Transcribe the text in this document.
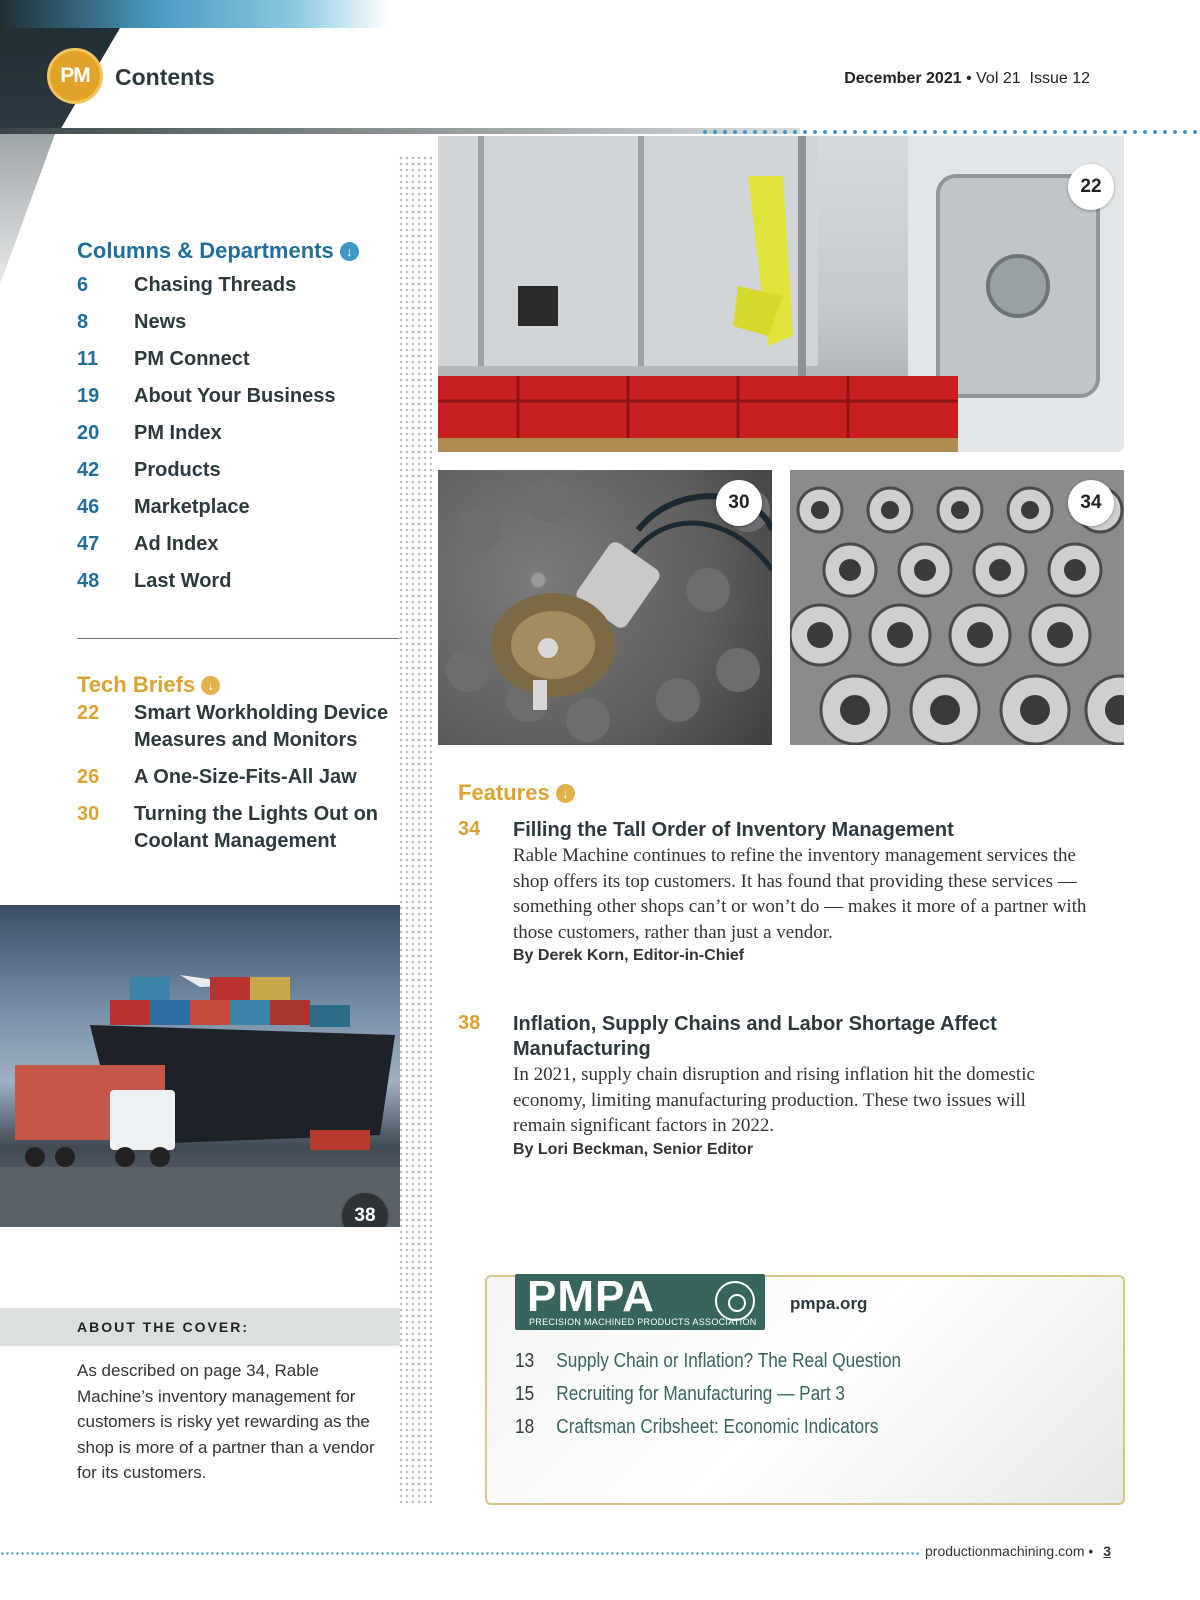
PM	Contents	December 2021 • Vol 21 Issue 12
Columns & Departments ↓
6	Chasing Threads
8	News
11	PM Connect
19	About Your Business
20	PM Index
42	Products
46	Marketplace
47	Ad Index
48	Last Word
Tech Briefs ↓
22	Smart Workholding Device Measures and Monitors
26	A One-Size-Fits-All Jaw
30	Turning the Lights Out on Coolant Management
22
30	34
38
Features ↓
34 Filling the Tall Order of Inventory Management
Rable Machine continues to refine the inventory management services the shop offers its top customers. It has found that providing these services — something other shops can’t or won’t do — makes it more of a partner with those customers, rather than just a vendor.
By Derek Korn, Editor-in-Chief
38 Inflation, Supply Chains and Labor Shortage Affect Manufacturing
In 2021, supply chain disruption and rising inflation hit the domestic economy, limiting manufacturing production. These two issues will remain significant factors in 2022.
By Lori Beckman, Senior Editor
ABOUT THE COVER:
As described on page 34, Rable Machine’s inventory management for customers is risky yet rewarding as the shop is more of a partner than a vendor for its customers.
PMPA
PRECISION MACHINED PRODUCTS ASSOCIATION
pmpa.org
13	Supply Chain or Inflation? The Real Question
15	Recruiting for Manufacturing — Part 3
18	Craftsman Cribsheet: Economic Indicators
productionmachining.com • 3
